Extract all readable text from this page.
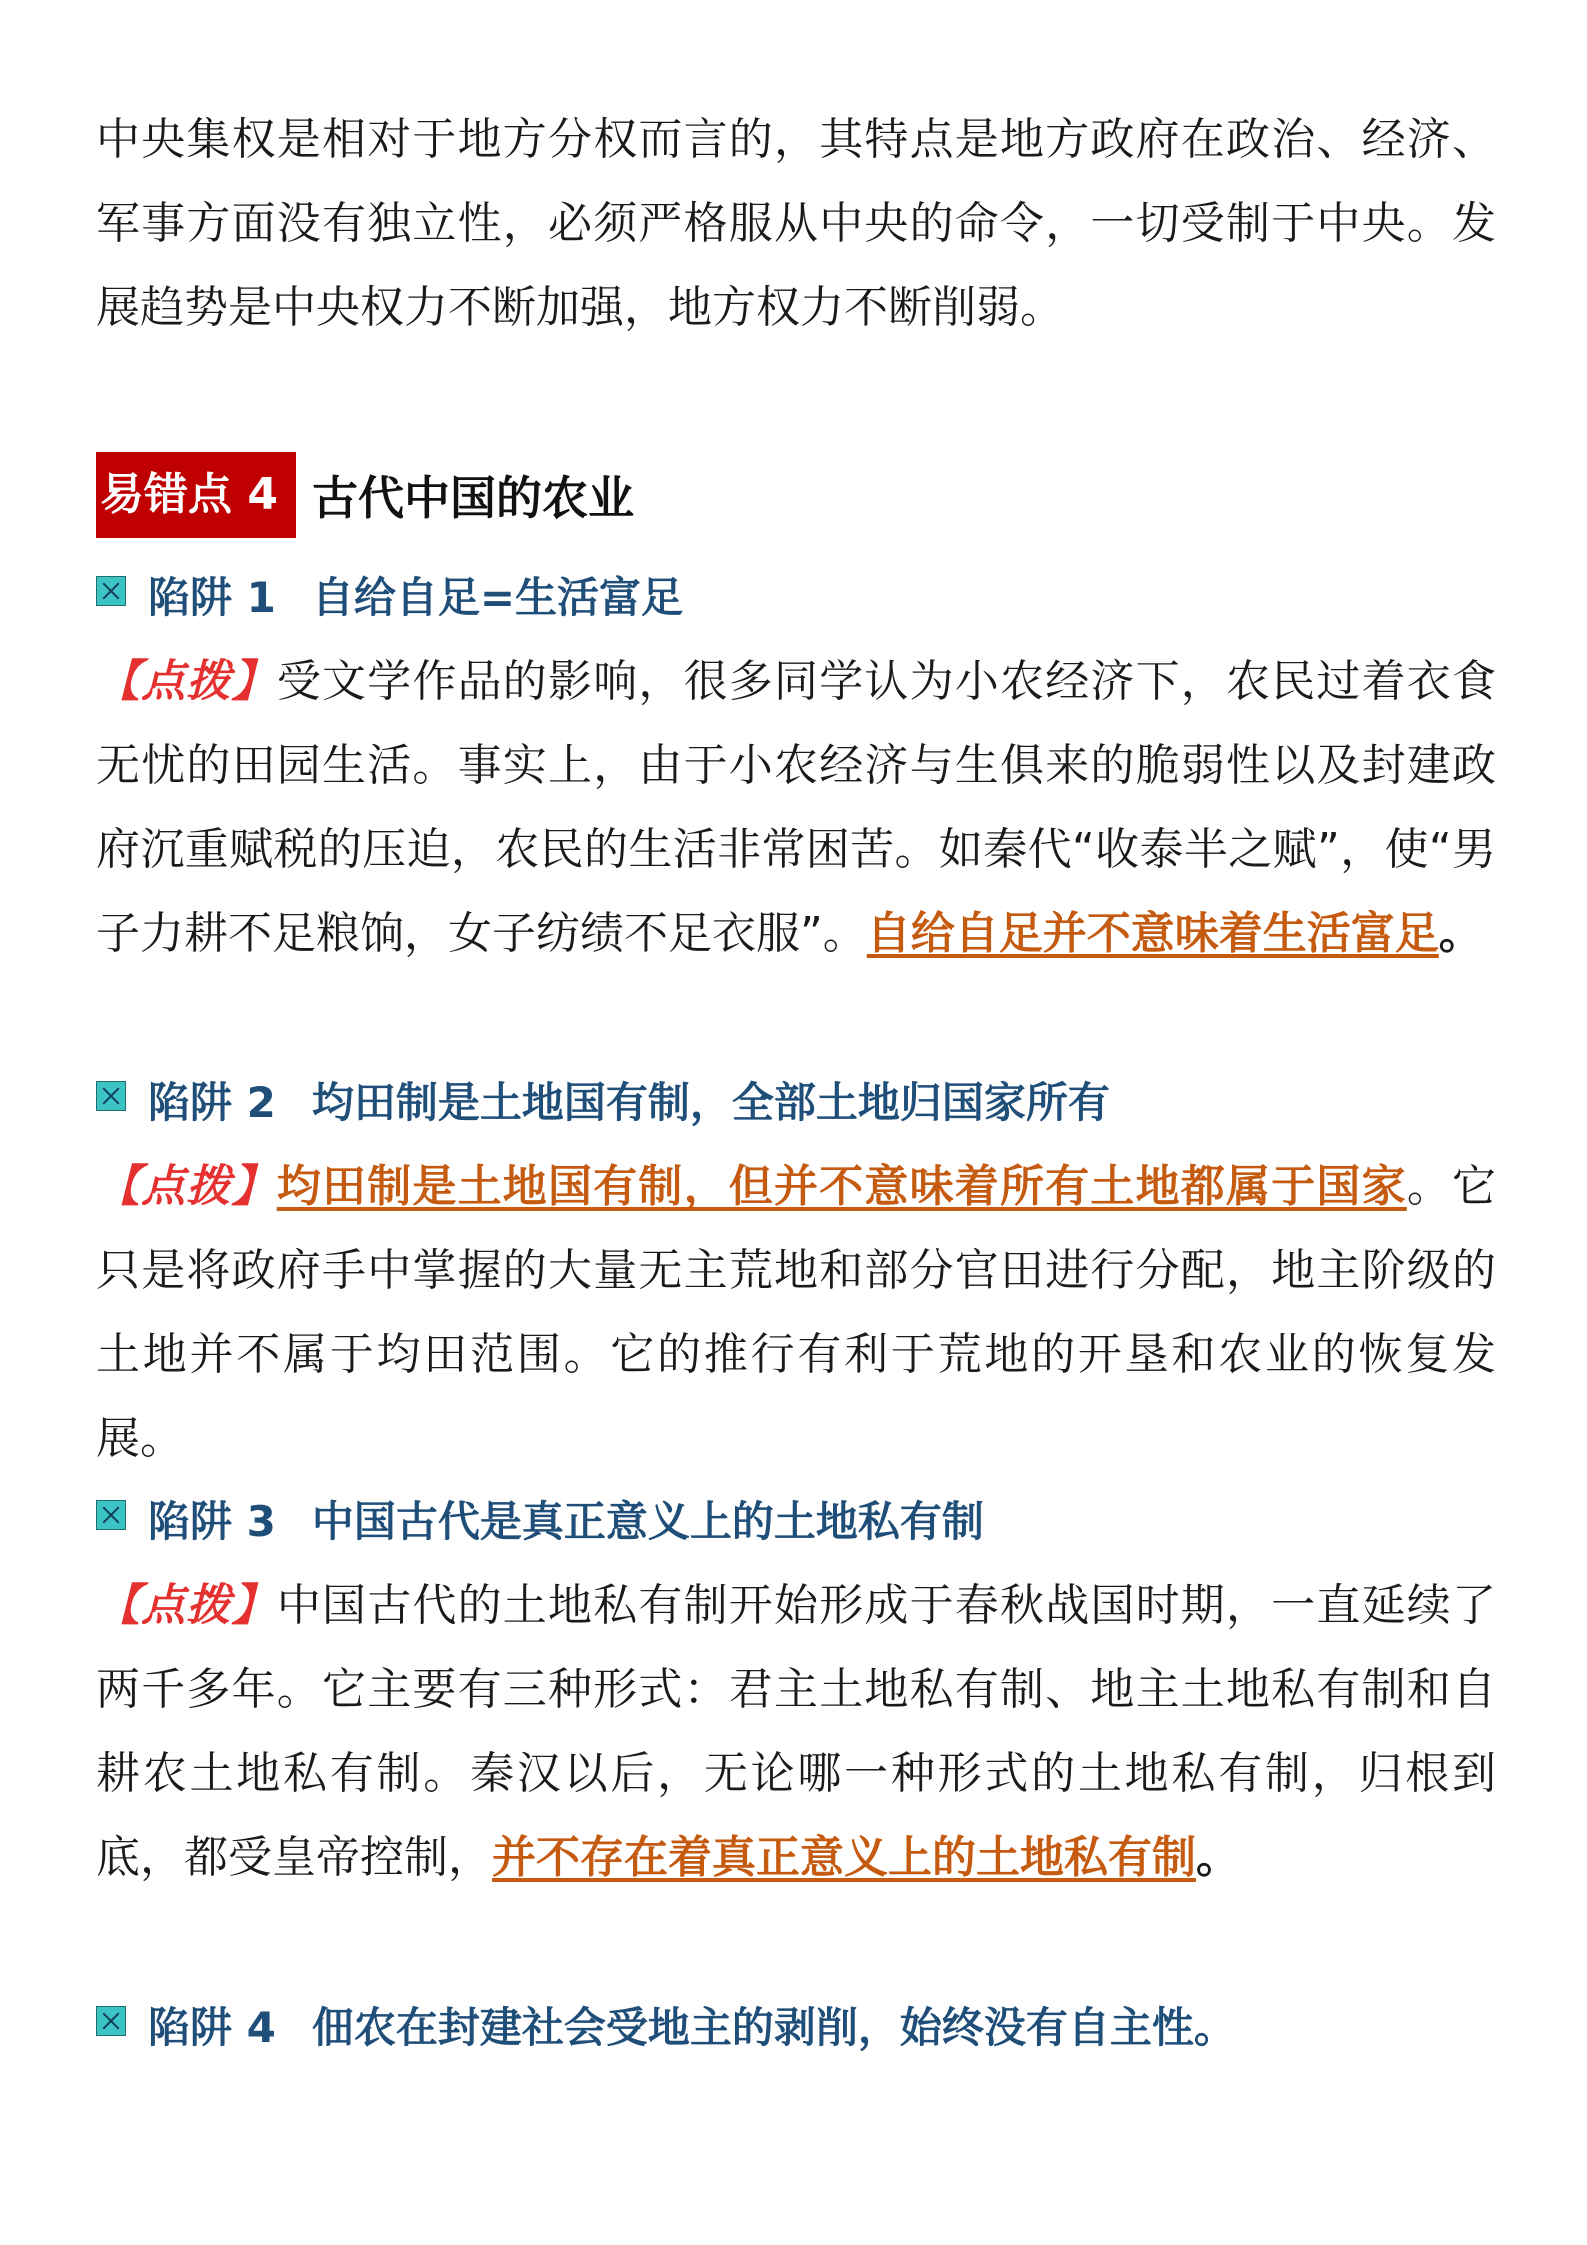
中央集权是相对于地方分权而言的，其特点是地方政府在政治、经济、军事方面没有独立性，必须严格服从中央的命令，一切受制于中央。发展趋势是中央权力不断加强，地方权力不断削弱。

易错点 4 古代中国的农业
陷阱 1 自给自足=生活富足

【点拨】受文学作品的影响，很多同学认为小农经济下，农民过着衣食无忧的田园生活。事实上，由于小农经济与生俱来的脆弱性以及封建政府沉重赋税的压迫，农民的生活非常困苦。如秦代“收泰半之赋”，使“男子力耕不足粮饷，女子纺绩不足衣服”。自给自足并不意味着生活富足。

陷阱 2 均田制是土地国有制，全部土地归国家所有

【点拨】均田制是土地国有制，但并不意味着所有土地都属于国家。它只是将政府手中掌握的大量无主荒地和部分官田进行分配，地主阶级的土地并不属于均田范围。它的推行有利于荒地的开垦和农业的恢复发展。

陷阱 3 中国古代是真正意义上的土地私有制

【点拨】中国古代的土地私有制开始形成于春秋战国时期，一直延续了两千多年。它主要有三种形式：君主土地私有制、地主土地私有制和自耕农土地私有制。秦汉以后，无论哪一种形式的土地私有制，归根到底，都受皇帝控制，并不存在着真正意义上的土地私有制。

陷阱 4 佃农在封建社会受地主的剥削，始终没有自主性。
